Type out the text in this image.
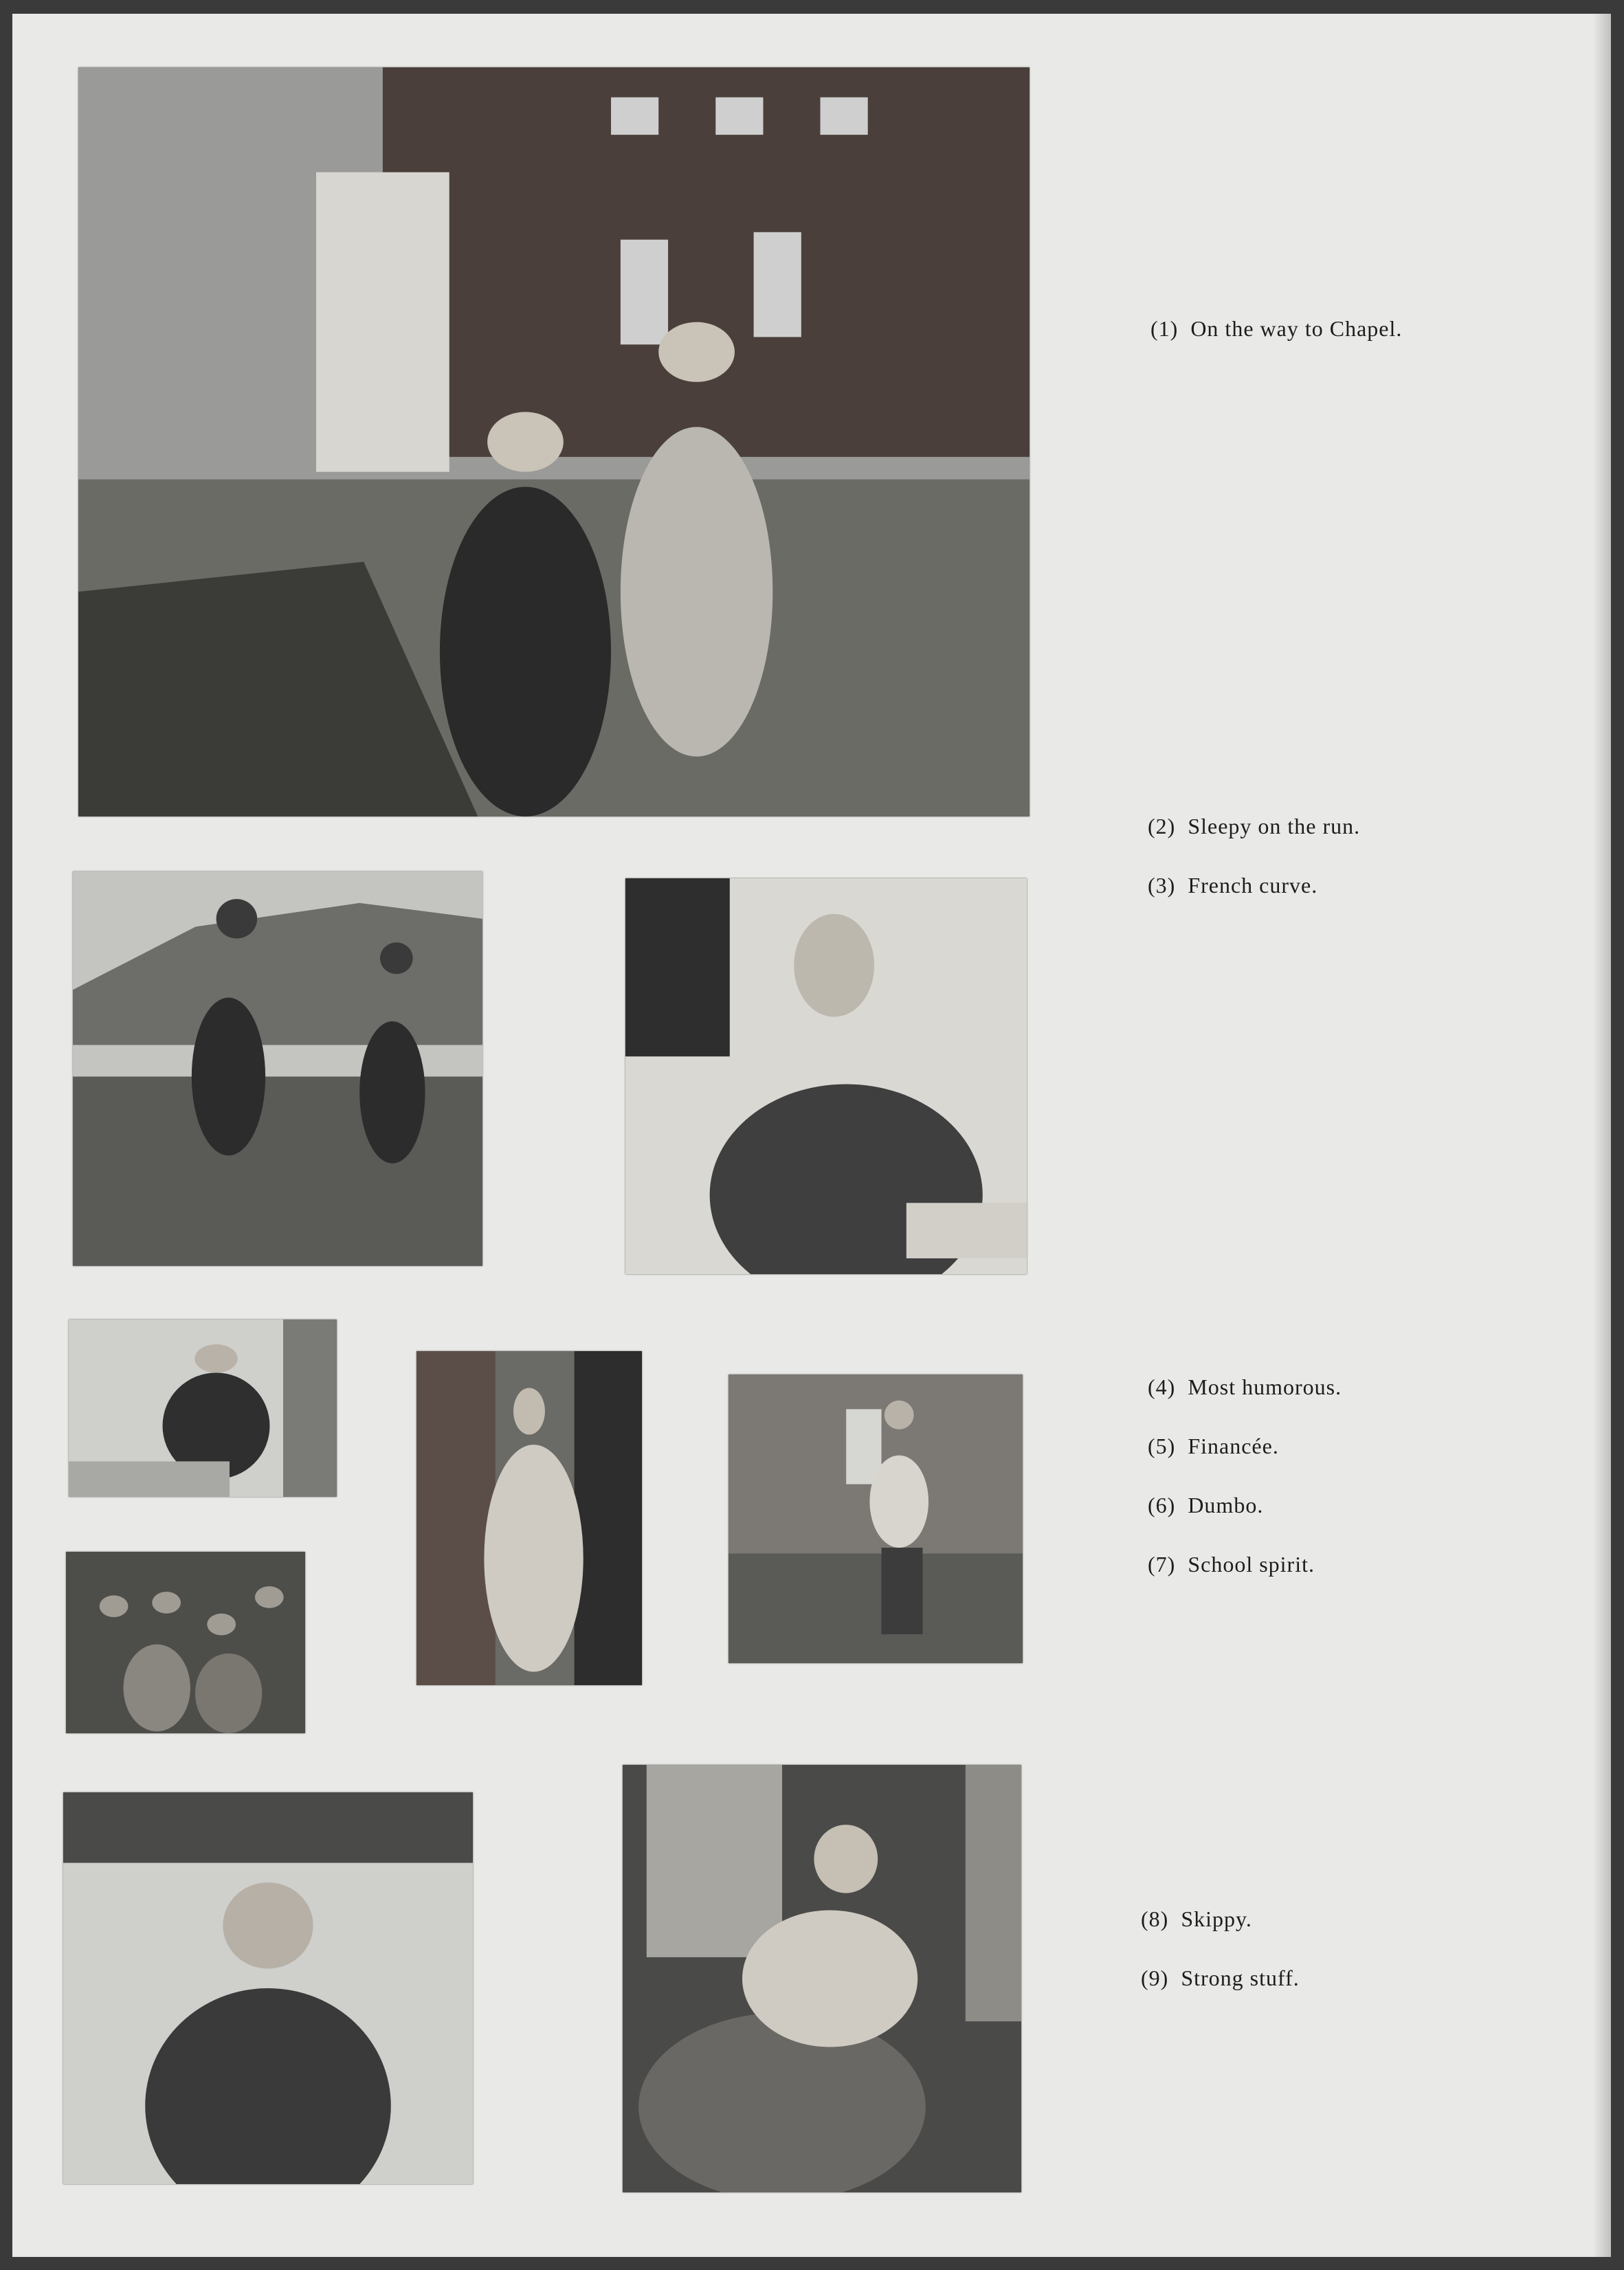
(1) On the way to Chapel.
(2) Sleepy on the run.
(3) French curve.
(4) Most humorous.
(5) Financée.
(6) Dumbo.
(7) School spirit.
(8) Skippy.
(9) Strong stuff.
